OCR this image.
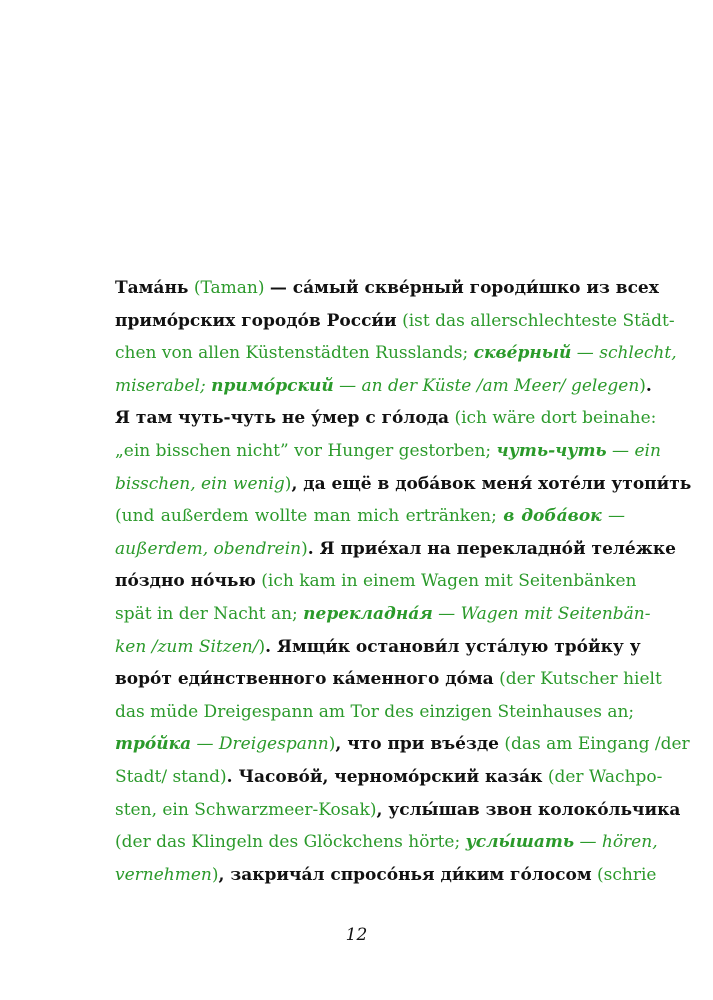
Тама́нь (Taman) — са́мый скве́рный городи́шко из всех
примо́рских городо́в Росси́и (ist das allerschlechteste Städt-
chen von allen Küstenstädten Russlands; скве́рный — schlecht,
miserabel; примо́рский — an der Küste /am Meer/ gelegen).
Я там чуть-чуть не у́мер с го́лода (ich wäre dort beinahe:
„ein bisschen nicht” vor Hunger gestorben; чуть-чуть — ein
bisschen, ein wenig), да ещё в доба́вок меня́ хоте́ли утопи́ть
(und außerdem wollte man mich ertränken; в доба́вок —
außerdem, obendrein). Я прие́хал на перекладно́й теле́жке
по́здно но́чью (ich kam in einem Wagen mit Seitenbänken
spät in der Nacht an; перекладна́я — Wagen mit Seitenbän-
ken /zum Sitzen/). Ямщи́к останови́л уста́лую тро́йку у
воро́т еди́нственного ка́менного до́ма (der Kutscher hielt
das müde Dreigespann am Tor des einzigen Steinhauses an;
тро́йка — Dreigespann), что при въе́зде (das am Eingang /der
Stadt/ stand). Часово́й, черномо́рский каза́к (der Wachpo-
sten, ein Schwarzmeer-Kosak), услы́шав звон колоко́льчика
(der das Klingeln des Glöckchens hörte; услы́шать — hören,
vernehmen), закрича́л спросо́нья ди́ким го́лосом (schrie
12
